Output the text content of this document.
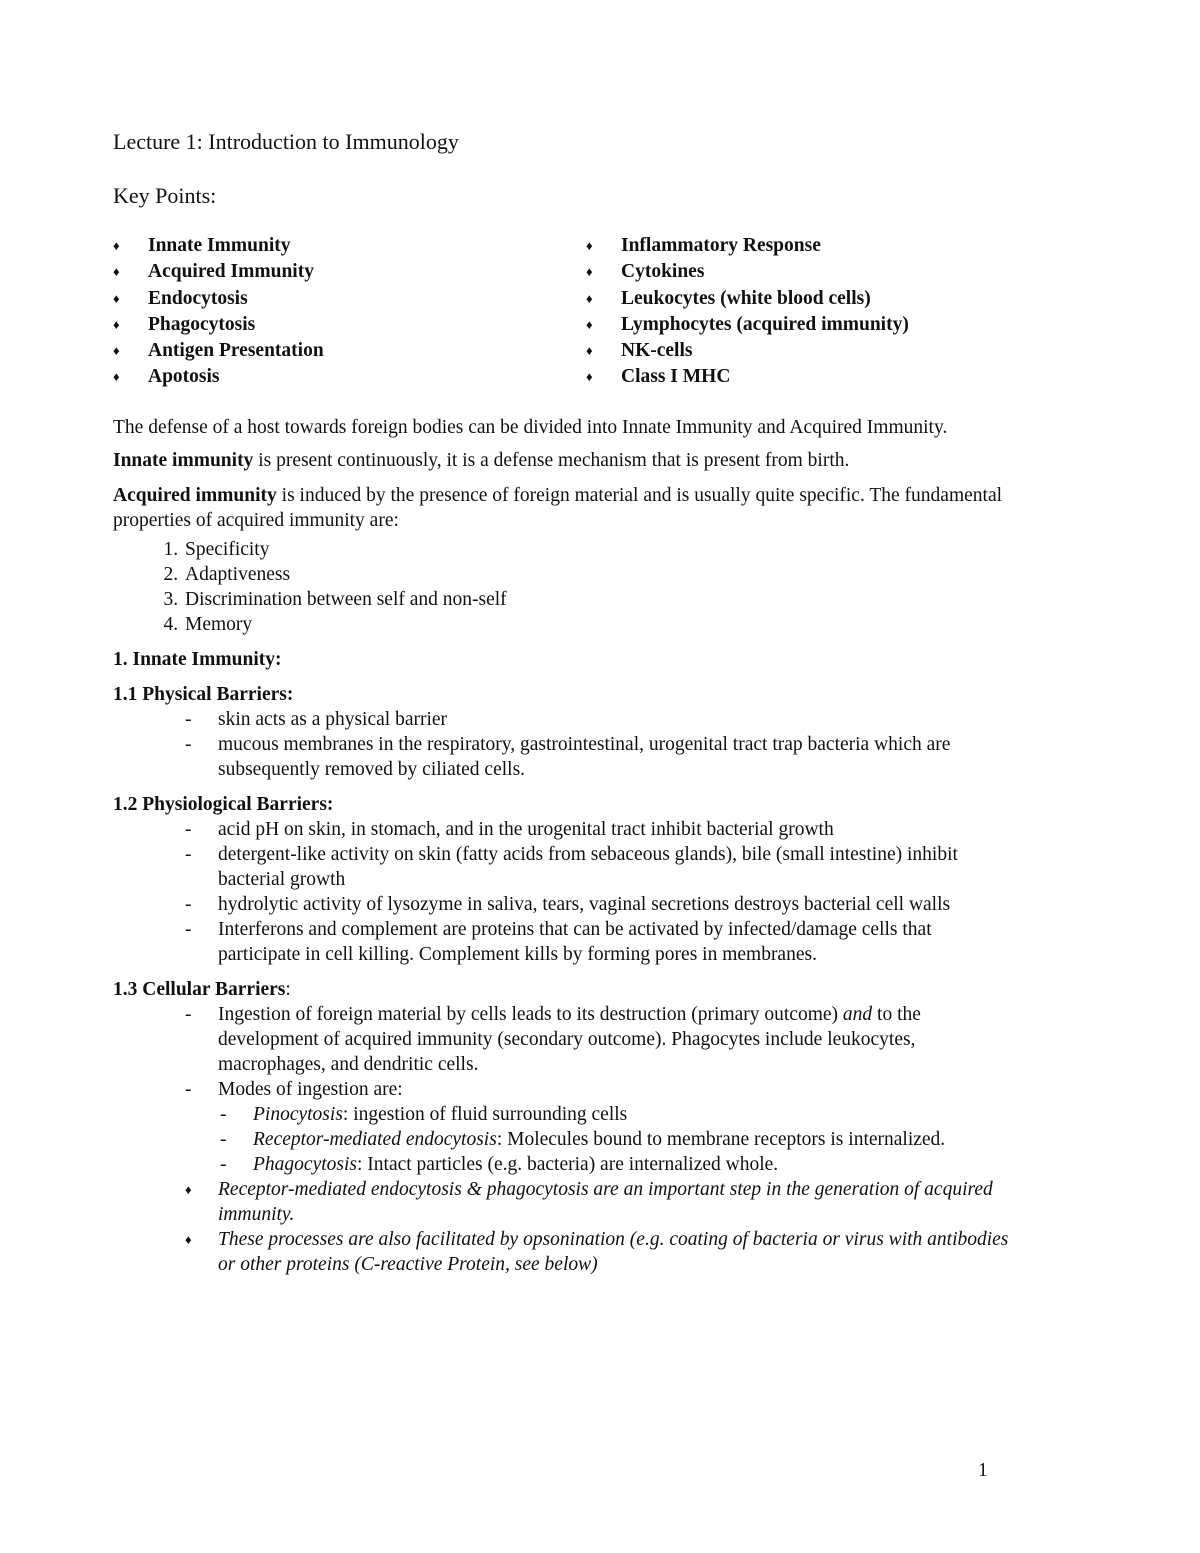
Lecture 1: Introduction to Immunology
Key Points:
♦ Innate Immunity
♦ Acquired Immunity
♦ Endocytosis
♦ Phagocytosis
♦ Antigen Presentation
♦ Apotosis
♦ Inflammatory Response
♦ Cytokines
♦ Leukocytes (white blood cells)
♦ Lymphocytes (acquired immunity)
♦ NK-cells
♦ Class I MHC

The defense of a host towards foreign bodies can be divided into Innate Immunity and Acquired Immunity.

Innate immunity is present continuously, it is a defense mechanism that is present from birth.

Acquired immunity is induced by the presence of foreign material and is usually quite specific. The fundamental properties of acquired immunity are:

1. Specificity
2. Adaptiveness
3. Discrimination between self and non-self
4. Memory

1. Innate Immunity:

1.1 Physical Barriers:

- skin acts as a physical barrier
- mucous membranes in the respiratory, gastrointestinal, urogenital tract trap bacteria which are subsequently removed by ciliated cells.

1.2 Physiological Barriers:

- acid pH on skin, in stomach, and in the urogenital tract inhibit bacterial growth
- detergent-like activity on skin (fatty acids from sebaceous glands), bile (small intestine) inhibit bacterial growth
- hydrolytic activity of lysozyme in saliva, tears, vaginal secretions destroys bacterial cell walls
- Interferons and complement are proteins that can be activated by infected/damage cells that participate in cell killing. Complement kills by forming pores in membranes.

1.3 Cellular Barriers:

- Ingestion of foreign material by cells leads to its destruction (primary outcome) and to the development of acquired immunity (secondary outcome). Phagocytes include leukocytes, macrophages, and dendritic cells.
- Modes of ingestion are:
- Pinocytosis: ingestion of fluid surrounding cells
- Receptor-mediated endocytosis: Molecules bound to membrane receptors is internalized.
- Phagocytosis: Intact particles (e.g. bacteria) are internalized whole.
♦ Receptor-mediated endocytosis & phagocytosis are an important step in the generation of acquired immunity.
♦ These processes are also facilitated by opsonination (e.g. coating of bacteria or virus with antibodies or other proteins (C-reactive Protein, see below)
1
